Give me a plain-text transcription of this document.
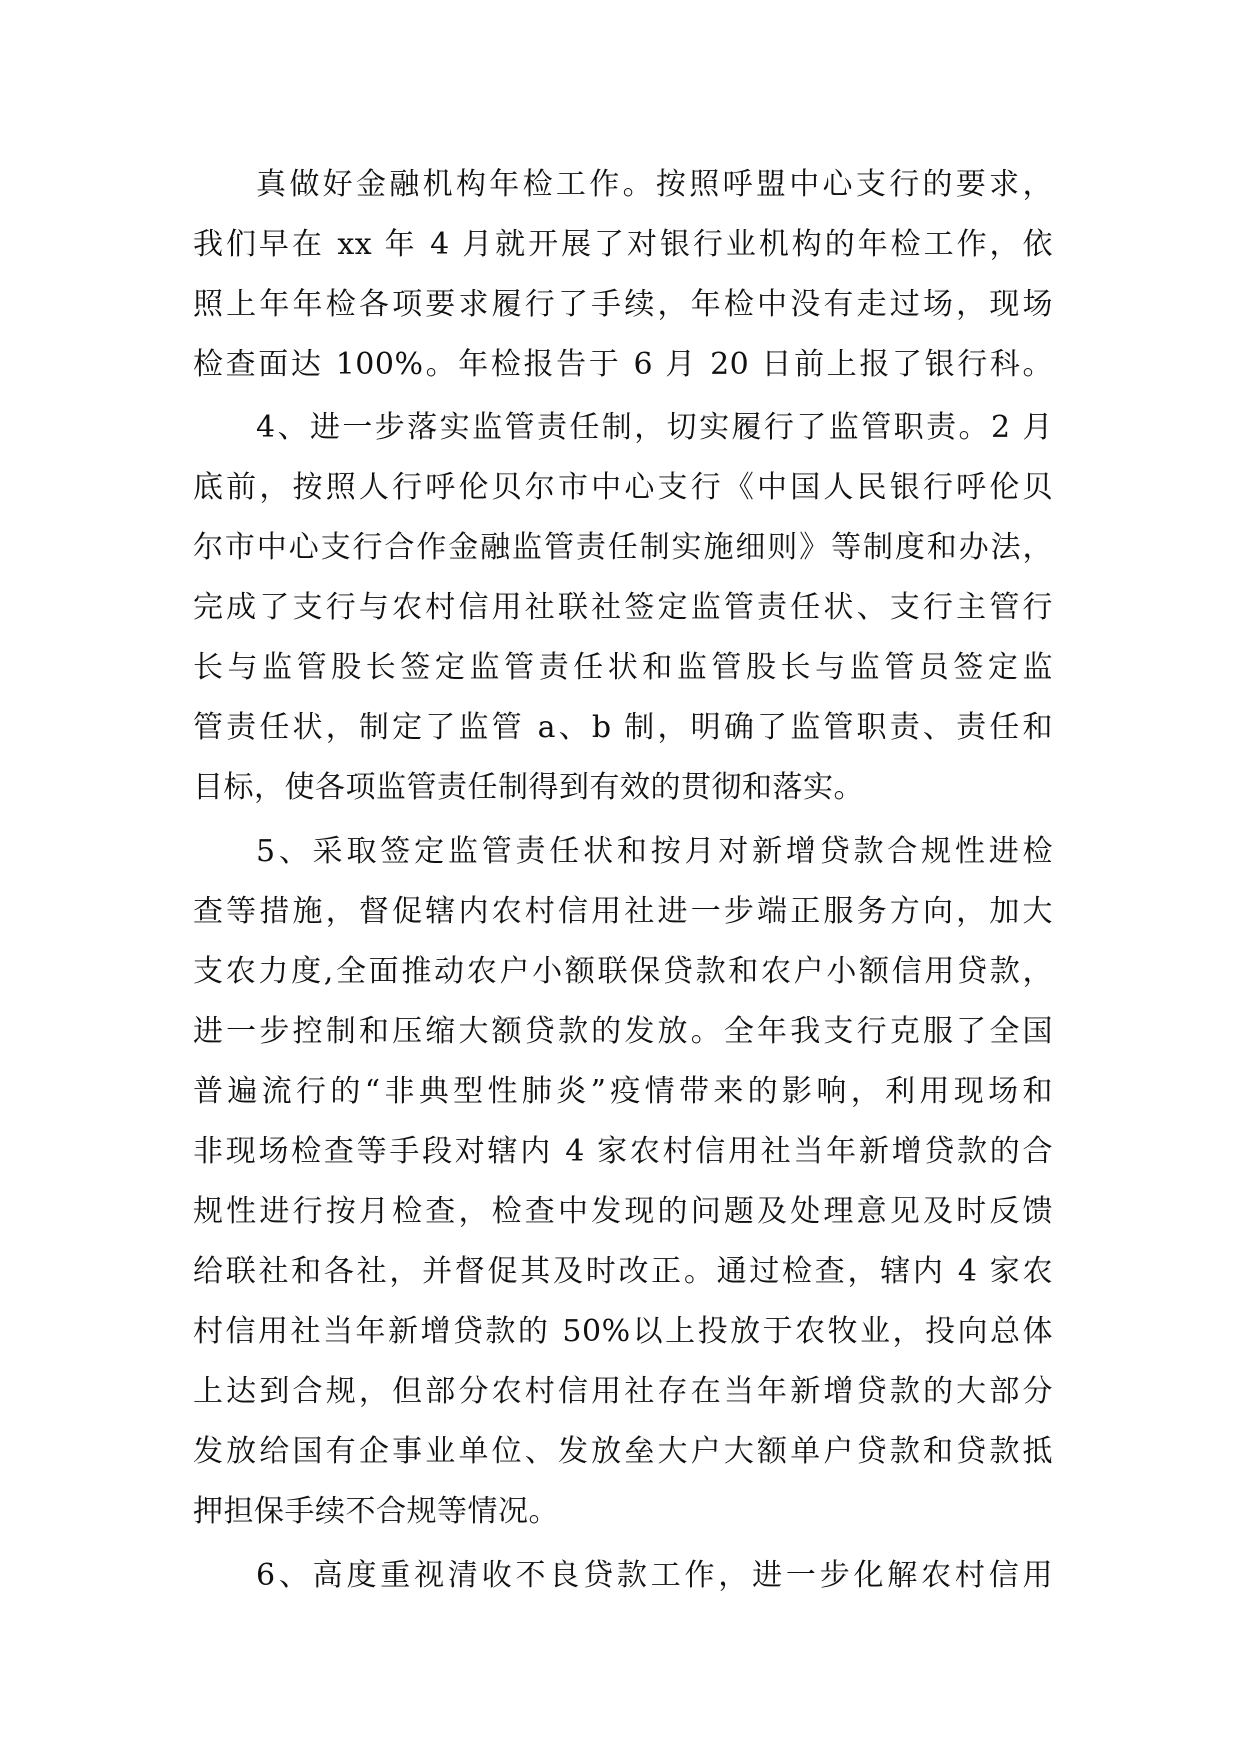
真做好金融机构年检工作。按照呼盟中心支行的要求，
我们早在 xx 年 4 月就开展了对银行业机构的年检工作，依
照上年年检各项要求履行了手续，年检中没有走过场，现场
检查面达 100%。年检报告于 6 月 20 日前上报了银行科。
4、进一步落实监管责任制，切实履行了监管职责。2 月
底前，按照人行呼伦贝尔市中心支行《中国人民银行呼伦贝
尔市中心支行合作金融监管责任制实施细则》等制度和办法，
完成了支行与农村信用社联社签定监管责任状、支行主管行
长与监管股长签定监管责任状和监管股长与监管员签定监
管责任状，制定了监管 a、b 制，明确了监管职责、责任和
目标，使各项监管责任制得到有效的贯彻和落实。
5、采取签定监管责任状和按月对新增贷款合规性进检
查等措施，督促辖内农村信用社进一步端正服务方向，加大
支农力度,全面推动农户小额联保贷款和农户小额信用贷款，
进一步控制和压缩大额贷款的发放。全年我支行克服了全国
普遍流行的“非典型性肺炎”疫情带来的影响，利用现场和
非现场检查等手段对辖内 4 家农村信用社当年新增贷款的合
规性进行按月检查，检查中发现的问题及处理意见及时反馈
给联社和各社，并督促其及时改正。通过检查，辖内 4 家农
村信用社当年新增贷款的 50%以上投放于农牧业，投向总体
上达到合规，但部分农村信用社存在当年新增贷款的大部分
发放给国有企事业单位、发放垒大户大额单户贷款和贷款抵
押担保手续不合规等情况。
6、高度重视清收不良贷款工作，进一步化解农村信用
